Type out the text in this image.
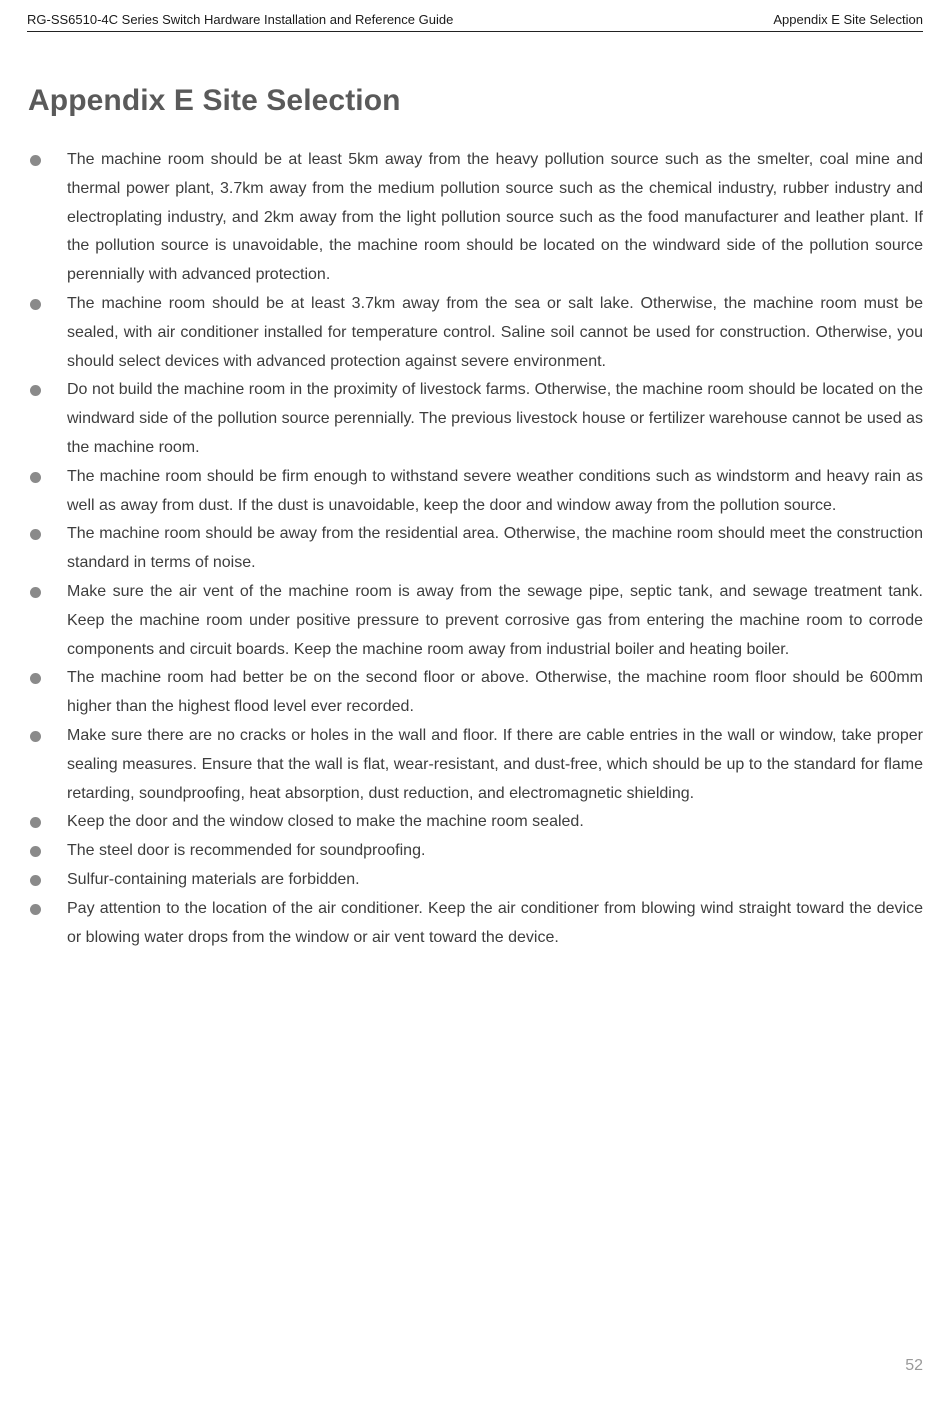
RG-SS6510-4C Series Switch Hardware Installation and Reference Guide	Appendix E Site Selection
Appendix E Site Selection
The machine room should be at least 5km away from the heavy pollution source such as the smelter, coal mine and thermal power plant, 3.7km away from the medium pollution source such as the chemical industry, rubber industry and electroplating industry, and 2km away from the light pollution source such as the food manufacturer and leather plant. If the pollution source is unavoidable, the machine room should be located on the windward side of the pollution source perennially with advanced protection.
The machine room should be at least 3.7km away from the sea or salt lake. Otherwise, the machine room must be sealed, with air conditioner installed for temperature control. Saline soil cannot be used for construction. Otherwise, you should select devices with advanced protection against severe environment.
Do not build the machine room in the proximity of livestock farms. Otherwise, the machine room should be located on the windward side of the pollution source perennially. The previous livestock house or fertilizer warehouse cannot be used as the machine room.
The machine room should be firm enough to withstand severe weather conditions such as windstorm and heavy rain as well as away from dust. If the dust is unavoidable, keep the door and window away from the pollution source.
The machine room should be away from the residential area. Otherwise, the machine room should meet the construction standard in terms of noise.
Make sure the air vent of the machine room is away from the sewage pipe, septic tank, and sewage treatment tank. Keep the machine room under positive pressure to prevent corrosive gas from entering the machine room to corrode components and circuit boards. Keep the machine room away from industrial boiler and heating boiler.
The machine room had better be on the second floor or above. Otherwise, the machine room floor should be 600mm higher than the highest flood level ever recorded.
Make sure there are no cracks or holes in the wall and floor. If there are cable entries in the wall or window, take proper sealing measures. Ensure that the wall is flat, wear-resistant, and dust-free, which should be up to the standard for flame retarding, soundproofing, heat absorption, dust reduction, and electromagnetic shielding.
Keep the door and the window closed to make the machine room sealed.
The steel door is recommended for soundproofing.
Sulfur-containing materials are forbidden.
Pay attention to the location of the air conditioner. Keep the air conditioner from blowing wind straight toward the device or blowing water drops from the window or air vent toward the device.
52
